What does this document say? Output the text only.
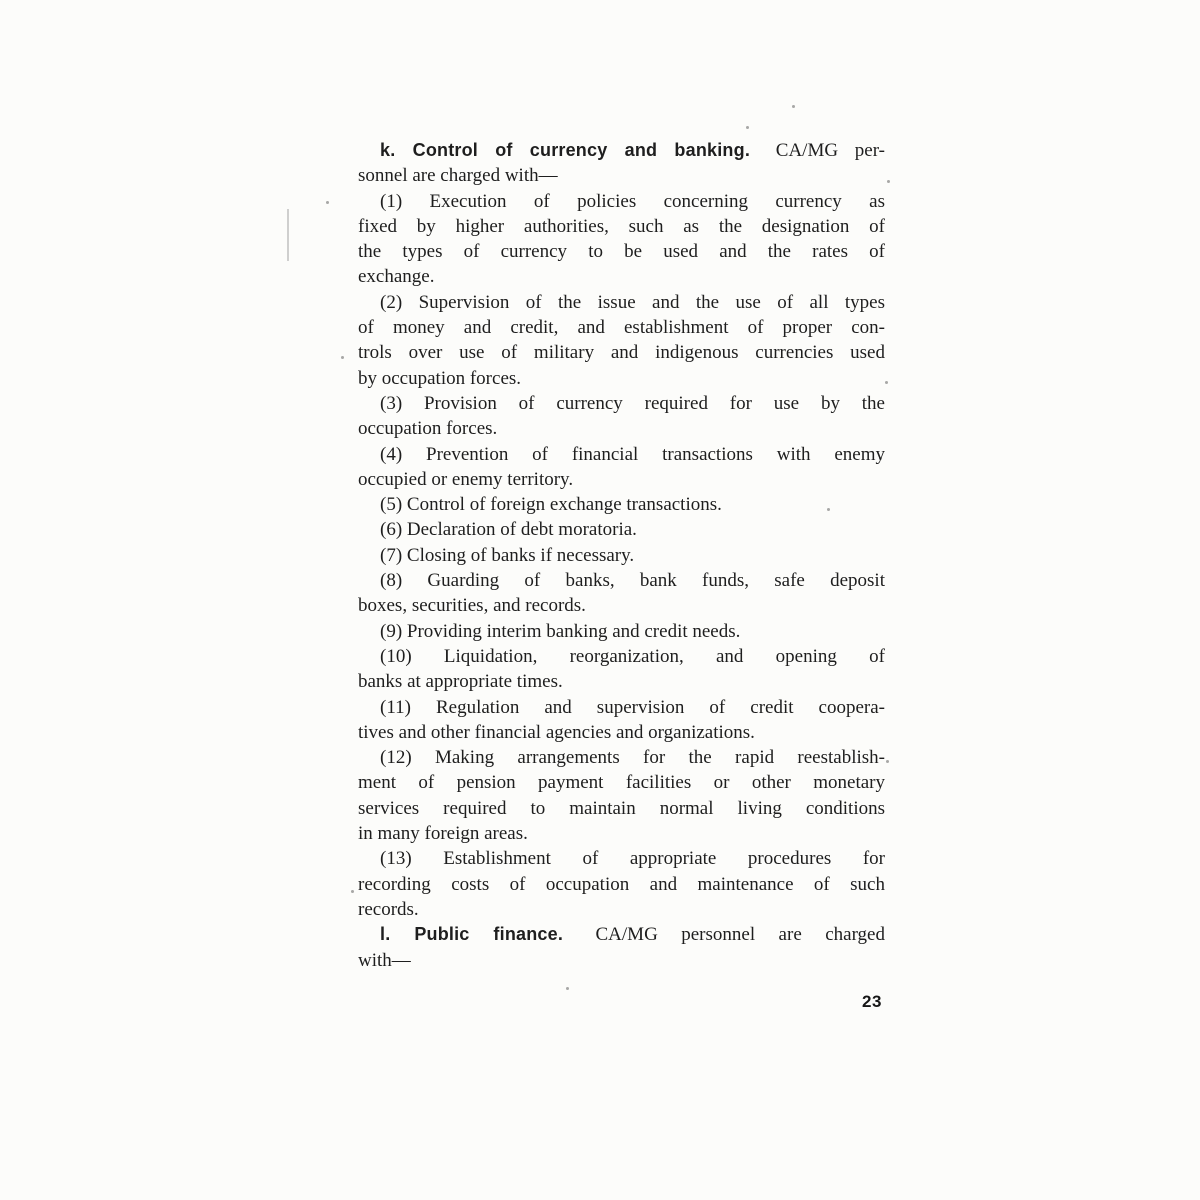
k. Control of currency and banking. CA/MG per-
sonnel are charged with—
(1) Execution of policies concerning currency as
fixed by higher authorities, such as the designation of
the types of currency to be used and the rates of
exchange.
(2) Supervision of the issue and the use of all types
of money and credit, and establishment of proper con-
trols over use of military and indigenous currencies used
by occupation forces.
(3) Provision of currency required for use by the
occupation forces.
(4) Prevention of financial transactions with enemy
occupied or enemy territory.
(5) Control of foreign exchange transactions.
(6) Declaration of debt moratoria.
(7) Closing of banks if necessary.
(8) Guarding of banks, bank funds, safe deposit
boxes, securities, and records.
(9) Providing interim banking and credit needs.
(10) Liquidation, reorganization, and opening of
banks at appropriate times.
(11) Regulation and supervision of credit coopera-
tives and other financial agencies and organizations.
(12) Making arrangements for the rapid reestablish-
ment of pension payment facilities or other monetary
services required to maintain normal living conditions
in many foreign areas.
(13) Establishment of appropriate procedures for
recording costs of occupation and maintenance of such
records.
l. Public finance. CA/MG personnel are charged
with—
23
